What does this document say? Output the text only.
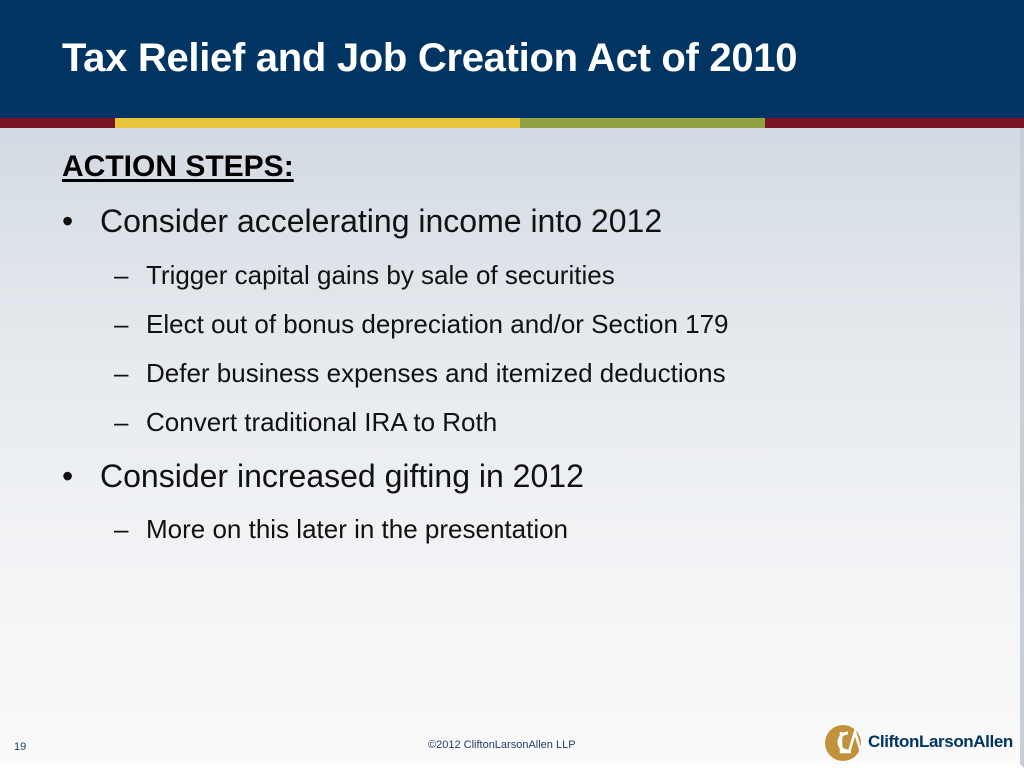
Tax Relief and Job Creation Act of 2010
ACTION STEPS:
• Consider accelerating income into 2012
– Trigger capital gains by sale of securities
– Elect out of bonus depreciation and/or Section 179
– Defer business expenses and itemized deductions
– Convert traditional IRA to Roth
• Consider increased gifting in 2012
– More on this later in the presentation
19	©2012 CliftonLarsonAllen LLP	CliftonLarsonAllen
